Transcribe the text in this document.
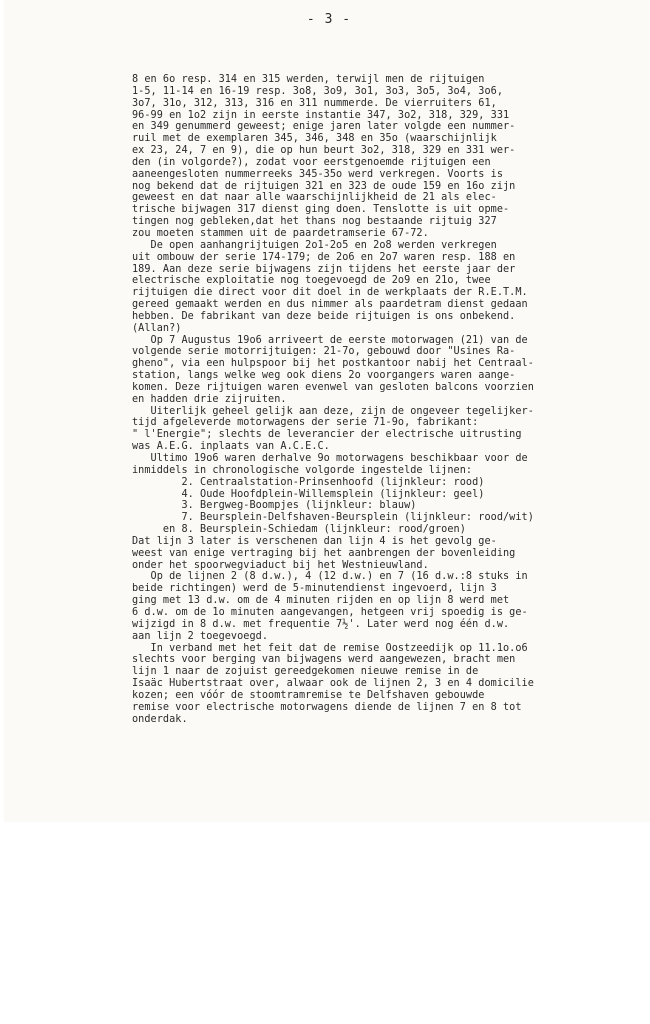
- 3 -
8 en 6o resp. 314 en 315 werden, terwijl men de rijtuigen
1-5, 11-14 en 16-19 resp. 3o8, 3o9, 3o1, 3o3, 3o5, 3o4, 3o6,
3o7, 31o, 312, 313, 316 en 311 nummerde. De vierruiters 61,
96-99 en 1o2 zijn in eerste instantie 347, 3o2, 318, 329, 331
en 349 genummerd geweest; enige jaren later volgde een nummer-
ruil met de exemplaren 345, 346, 348 en 35o (waarschijnlijk
ex 23, 24, 7 en 9), die op hun beurt 3o2, 318, 329 en 331 wer-
den (in volgorde?), zodat voor eerstgenoemde rijtuigen een
aaneengesloten nummerreeks 345-35o werd verkregen. Voorts is
nog bekend dat de rijtuigen 321 en 323 de oude 159 en 16o zijn
geweest en dat naar alle waarschijnlijkheid de 21 als elec-
trische bijwagen 317 dienst ging doen. Tenslotte is uit opme-
tingen nog gebleken,dat het thans nog bestaande rijtuig 327
zou moeten stammen uit de paardetramserie 67-72.
De open aanhangrijtuigen 2o1-2o5 en 2o8 werden verkregen
uit ombouw der serie 174-179; de 2o6 en 2o7 waren resp. 188 en
189. Aan deze serie bijwagens zijn tijdens het eerste jaar der
electrische exploitatie nog toegevoegd de 2o9 en 21o, twee
rijtuigen die direct voor dit doel in de werkplaats der R.E.T.M.
gereed gemaakt werden en dus nimmer als paardetram dienst gedaan
hebben. De fabrikant van deze beide rijtuigen is ons onbekend.
(Allan?)
Op 7 Augustus 19o6 arriveert de eerste motorwagen (21) van de
volgende serie motorrijtuigen: 21-7o, gebouwd door "Usines Ra-
gheno", via een hulpspoor bij het postkantoor nabij het Centraal-
station, langs welke weg ook diens 2o voorgangers waren aange-
komen. Deze rijtuigen waren evenwel van gesloten balcons voorzien
en hadden drie zijruiten.
Uiterlijk geheel gelijk aan deze, zijn de ongeveer tegelijker-
tijd afgeleverde motorwagens der serie 71-9o, fabrikant:
" l'Energie"; slechts de leverancier der electrische uitrusting
was A.E.G. inplaats van A.C.E.C.
Ultimo 19o6 waren derhalve 9o motorwagens beschikbaar voor de
inmiddels in chronologische volgorde ingestelde lijnen:
2. Centraalstation-Prinsenhoofd (lijnkleur: rood)
4. Oude Hoofdplein-Willemsplein (lijnkleur: geel)
3. Bergweg-Boompjes (lijnkleur: blauw)
7. Beursplein-Delfshaven-Beursplein (lijnkleur: rood/wit)
en 8. Beursplein-Schiedam (lijnkleur: rood/groen)
Dat lijn 3 later is verschenen dan lijn 4 is het gevolg ge-
weest van enige vertraging bij het aanbrengen der bovenleiding
onder het spoorwegviaduct bij het Westnieuwland.
Op de lijnen 2 (8 d.w.), 4 (12 d.w.) en 7 (16 d.w.:8 stuks in
beide richtingen) werd de 5-minutendienst ingevoerd, lijn 3
ging met 13 d.w. om de 4 minuten rijden en op lijn 8 werd met
6 d.w. om de 1o minuten aangevangen, hetgeen vrij spoedig is ge-
wijzigd in 8 d.w. met frequentie 7½'. Later werd nog één d.w.
aan lijn 2 toegevoegd.
In verband met het feit dat de remise Oostzeedijk op 11.1o.o6
slechts voor berging van bijwagens werd aangewezen, bracht men
lijn 1 naar de zojuist gereedgekomen nieuwe remise in de
Isaäc Hubertstraat over, alwaar ook de lijnen 2, 3 en 4 domicilie
kozen; een vóór de stoomtramremise te Delfshaven gebouwde
remise voor electrische motorwagens diende de lijnen 7 en 8 tot
onderdak.
